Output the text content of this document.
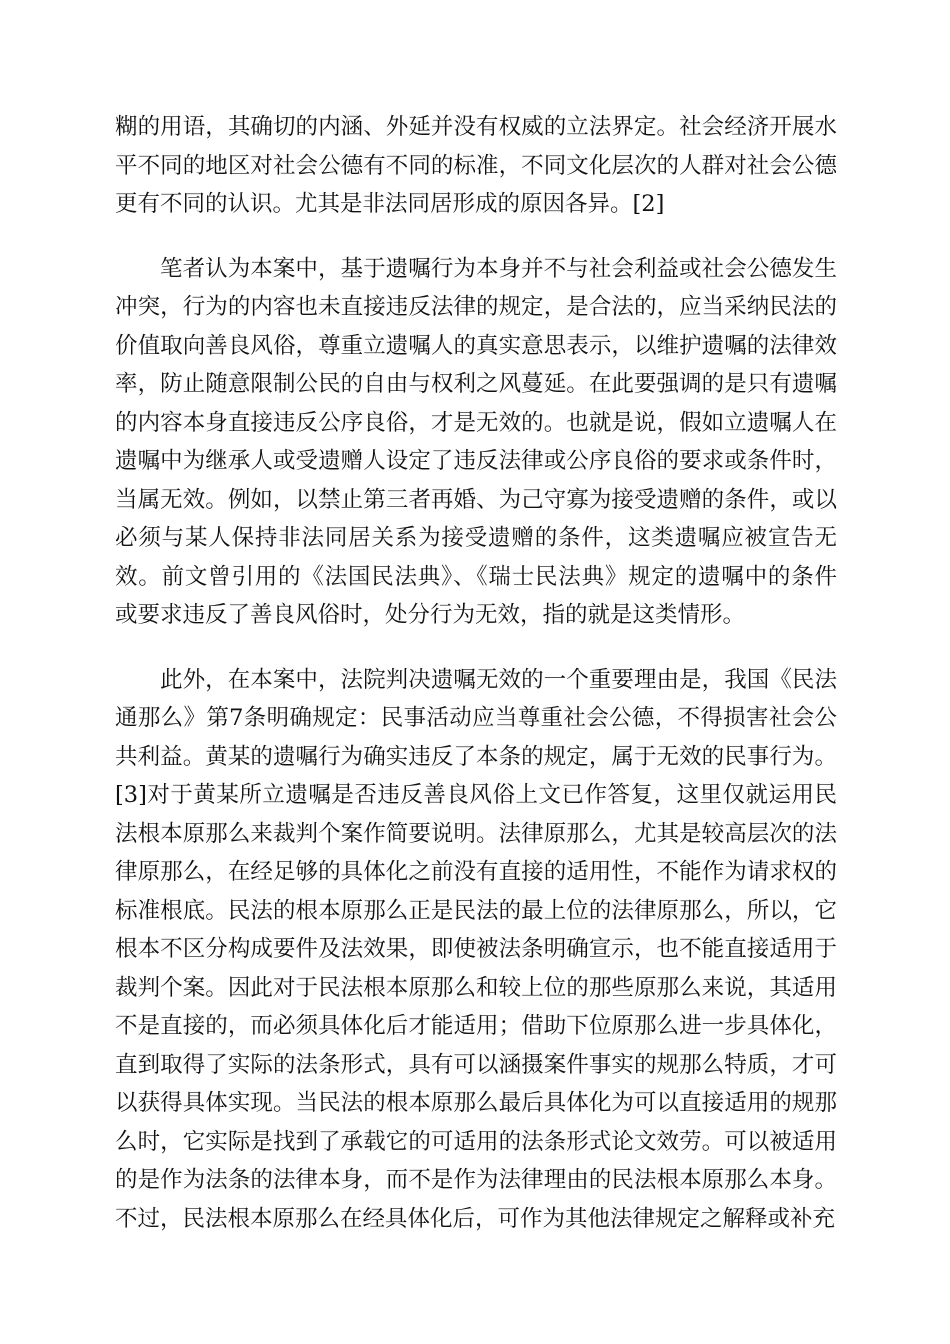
糊的用语，其确切的内涵、外延并没有权威的立法界定。社会经济开展水
平不同的地区对社会公德有不同的标准，不同文化层次的人群对社会公德
更有不同的认识。尤其是非法同居形成的原因各异。[2]
笔者认为本案中，基于遗嘱行为本身并不与社会利益或社会公德发生
冲突，行为的内容也未直接违反法律的规定，是合法的，应当采纳民法的
价值取向善良风俗，尊重立遗嘱人的真实意思表示，以维护遗嘱的法律效
率，防止随意限制公民的自由与权利之风蔓延。在此要强调的是只有遗嘱
的内容本身直接违反公序良俗，才是无效的。也就是说，假如立遗嘱人在
遗嘱中为继承人或受遗赠人设定了违反法律或公序良俗的要求或条件时，
当属无效。例如，以禁止第三者再婚、为己守寡为接受遗赠的条件，或以
必须与某人保持非法同居关系为接受遗赠的条件，这类遗嘱应被宣告无
效。前文曾引用的《法国民法典》、《瑞士民法典》规定的遗嘱中的条件
或要求违反了善良风俗时，处分行为无效，指的就是这类情形。
此外，在本案中，法院判决遗嘱无效的一个重要理由是，我国《民法
通那么》第7条明确规定：民事活动应当尊重社会公德，不得损害社会公
共利益。黄某的遗嘱行为确实违反了本条的规定，属于无效的民事行为。
[3]对于黄某所立遗嘱是否违反善良风俗上文已作答复，这里仅就运用民
法根本原那么来裁判个案作简要说明。法律原那么，尤其是较高层次的法
律原那么，在经足够的具体化之前没有直接的适用性，不能作为请求权的
标准根底。民法的根本原那么正是民法的最上位的法律原那么，所以，它
根本不区分构成要件及法效果，即使被法条明确宣示，也不能直接适用于
裁判个案。因此对于民法根本原那么和较上位的那些原那么来说，其适用
不是直接的，而必须具体化后才能适用；借助下位原那么进一步具体化，
直到取得了实际的法条形式，具有可以涵摄案件事实的规那么特质，才可
以获得具体实现。当民法的根本原那么最后具体化为可以直接适用的规那
么时，它实际是找到了承载它的可适用的法条形式论文效劳。可以被适用
的是作为法条的法律本身，而不是作为法律理由的民法根本原那么本身。
不过，民法根本原那么在经具体化后，可作为其他法律规定之解释或补充
